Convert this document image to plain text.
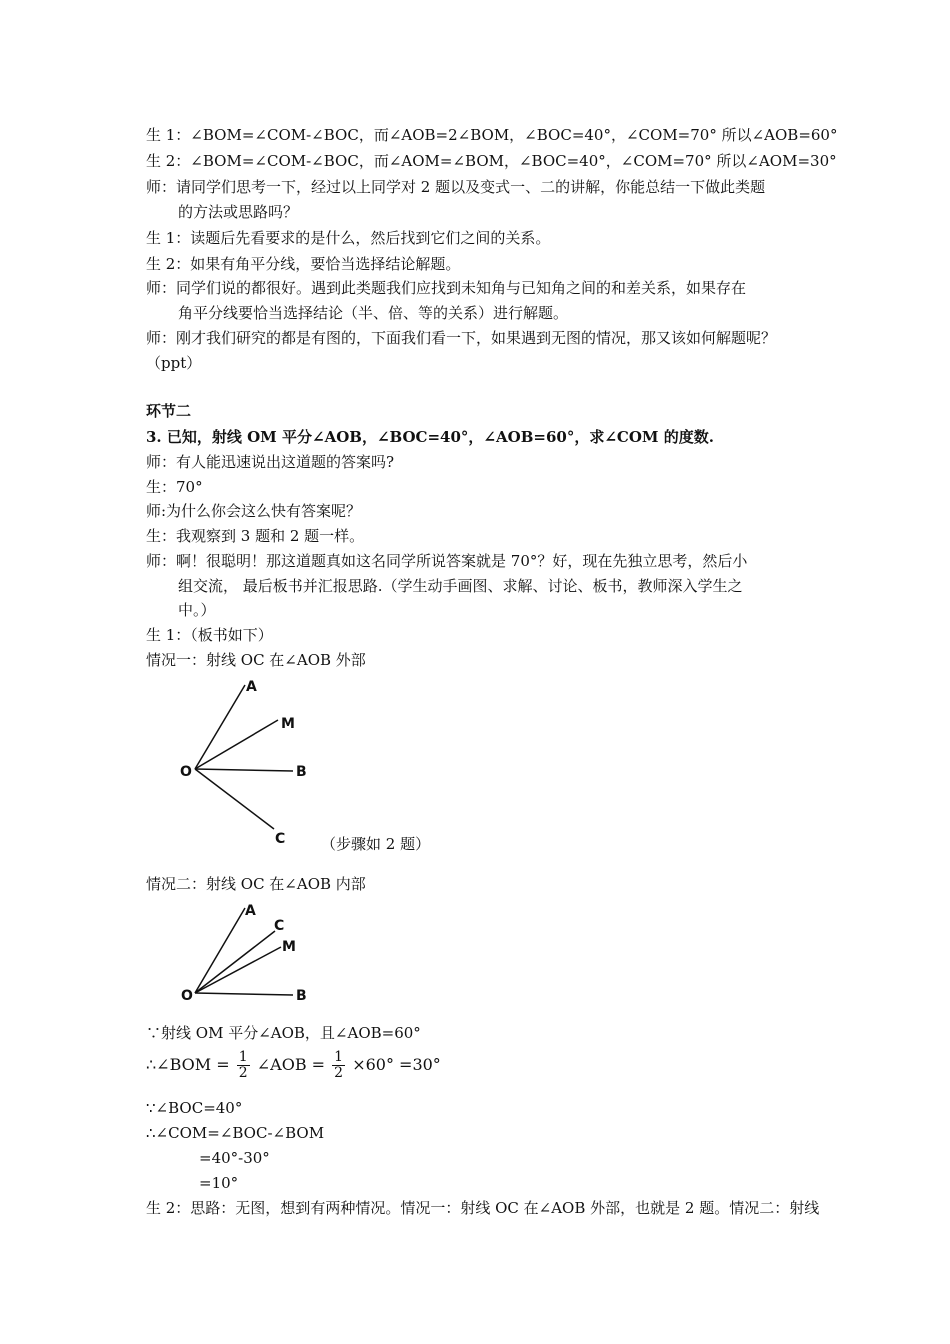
生 1：∠BOM=∠COM-∠BOC，而∠AOB=2∠BOM，∠BOC=40°，∠COM=70° 所以∠AOB=60°
生 2：∠BOM=∠COM-∠BOC，而∠AOM=∠BOM，∠BOC=40°，∠COM=70° 所以∠AOM=30°
师：请同学们思考一下，经过以上同学对 2 题以及变式一、二的讲解，你能总结一下做此类题
的方法或思路吗？
生 1：读题后先看要求的是什么，然后找到它们之间的关系。
生 2：如果有角平分线，要恰当选择结论解题。
师：同学们说的都很好。遇到此类题我们应找到未知角与已知角之间的和差关系，如果存在
角平分线要恰当选择结论（半、倍、等的关系）进行解题。
师：刚才我们研究的都是有图的，下面我们看一下，如果遇到无图的情况，那又该如何解题呢？
（ppt）
环节二
3. 已知，射线 OM 平分∠AOB，∠BOC=40°，∠AOB=60°，求∠COM 的度数.
师：有人能迅速说出这道题的答案吗?
生：70°
师:为什么你会这么快有答案呢？
生：我观察到 3 题和 2 题一样。
师：啊！很聪明！那这道题真如这名同学所说答案就是 70°？好，现在先独立思考，然后小
组交流， 最后板书并汇报思路.（学生动手画图、求解、讨论、板书，教师深入学生之
中。）
生 1：（板书如下）
情况一：射线 OC 在∠AOB 外部
A
M
O	B
C （步骤如 2 题）
情况二：射线 OC 在∠AOB 内部
A
C
M
O	B
∵射线 OM 平分∠AOB，且∠AOB=60°
∴∠BOM = $\frac{1}{2}$ ∠AOB = $\frac{1}{2} \times 60^\circ =30^\circ$
∵∠BOC=40°
∴∠COM=∠BOC-∠BOM
=40°-30°
=10°
生 2：思路：无图，想到有两种情况。情况一：射线 OC 在∠AOB 外部，也就是 2 题。情况二：射线
